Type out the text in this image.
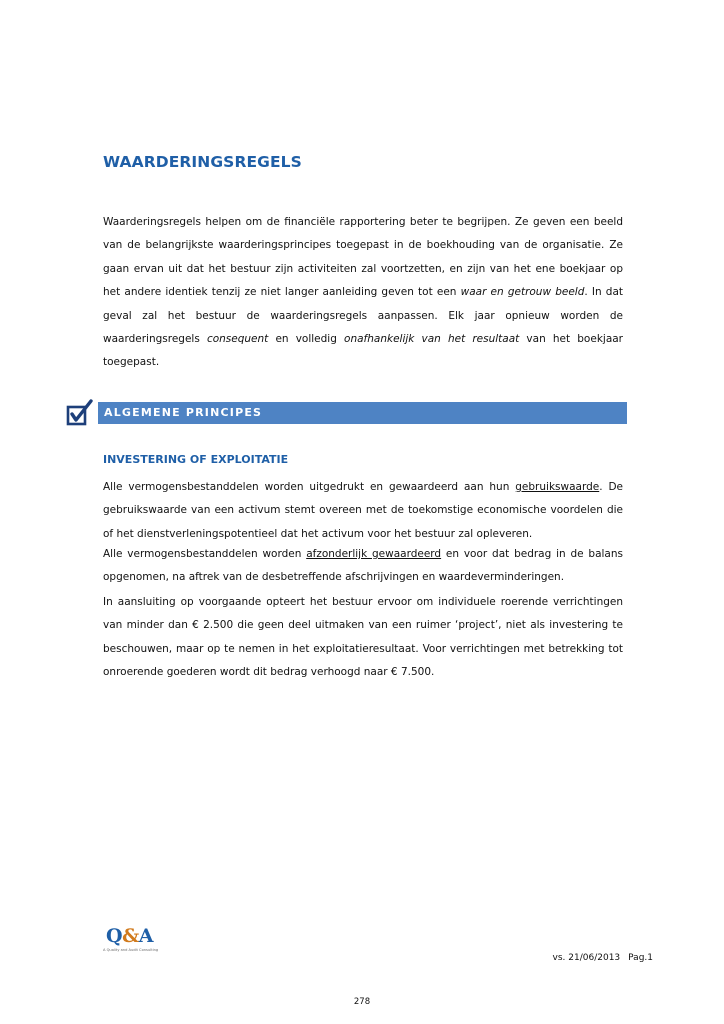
WAARDERINGSREGELS

Waarderingsregels helpen om de financiële rapportering beter te begrijpen. Ze geven een beeld van de belangrijkste waarderingsprincipes toegepast in de boekhouding van de organisatie. Ze gaan ervan uit dat het bestuur zijn activiteiten zal voortzetten, en zijn van het ene boekjaar op het andere identiek tenzij ze niet langer aanleiding geven tot een waar en getrouw beeld. In dat geval zal het bestuur de waarderingsregels aanpassen. Elk jaar opnieuw worden de waarderingsregels consequent en volledig onafhankelijk van het resultaat van het boekjaar toegepast.

ALGEMENE PRINCIPES
INVESTERING OF EXPLOITATIE

Alle vermogensbestanddelen worden uitgedrukt en gewaardeerd aan hun gebruikswaarde. De gebruikswaarde van een activum stemt overeen met de toekomstige economische voordelen die of het dienstverleningspotentieel dat het activum voor het bestuur zal opleveren.

Alle vermogensbestanddelen worden afzonderlijk gewaardeerd en voor dat bedrag in de balans opgenomen, na aftrek van de desbetreffende afschrijvingen en waardeverminderingen.

In aansluiting op voorgaande opteert het bestuur ervoor om individuele roerende verrichtingen van minder dan € 2.500 die geen deel uitmaken van een ruimer ‘project’, niet als investering te beschouwen, maar op te nemen in het exploitatieresultaat. Voor verrichtingen met betrekking tot onroerende goederen wordt dit bedrag verhoogd naar € 7.500.

Q&A
A Quality and Audit Consulting
vs. 21/06/2013 Pag.1
278
